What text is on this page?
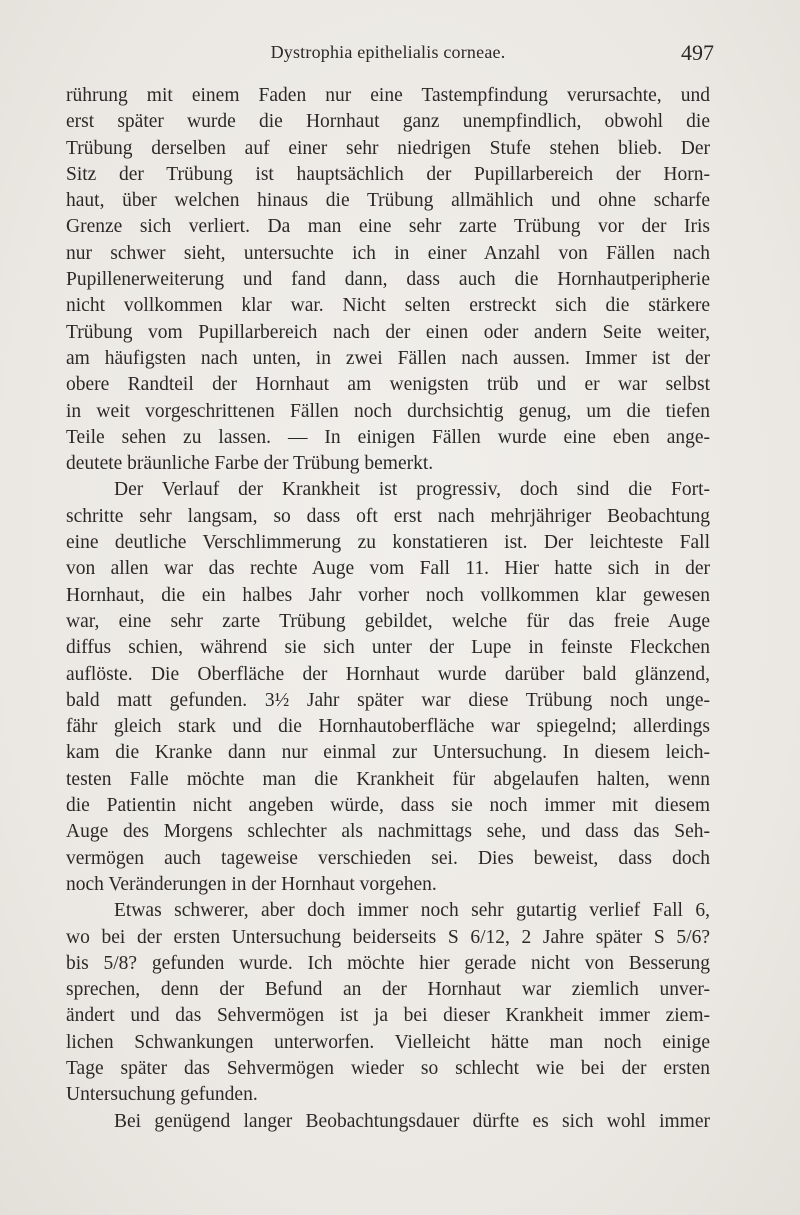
Dystrophia epithelialis corneae.	497
rührung mit einem Faden nur eine Tastempfindung verursachte, und
erst später wurde die Hornhaut ganz unempfindlich, obwohl die
Trübung derselben auf einer sehr niedrigen Stufe stehen blieb. Der
Sitz der Trübung ist hauptsächlich der Pupillarbereich der Horn-
haut, über welchen hinaus die Trübung allmählich und ohne scharfe
Grenze sich verliert. Da man eine sehr zarte Trübung vor der Iris
nur schwer sieht, untersuchte ich in einer Anzahl von Fällen nach
Pupillenerweiterung und fand dann, dass auch die Hornhautperipherie
nicht vollkommen klar war. Nicht selten erstreckt sich die stärkere
Trübung vom Pupillarbereich nach der einen oder andern Seite weiter,
am häufigsten nach unten, in zwei Fällen nach aussen. Immer ist der
obere Randteil der Hornhaut am wenigsten trüb und er war selbst
in weit vorgeschrittenen Fällen noch durchsichtig genug, um die tiefen
Teile sehen zu lassen. — In einigen Fällen wurde eine eben ange-
deutete bräunliche Farbe der Trübung bemerkt.
Der Verlauf der Krankheit ist progressiv, doch sind die Fort-
schritte sehr langsam, so dass oft erst nach mehrjähriger Beobachtung
eine deutliche Verschlimmerung zu konstatieren ist. Der leichteste Fall
von allen war das rechte Auge vom Fall 11. Hier hatte sich in der
Hornhaut, die ein halbes Jahr vorher noch vollkommen klar gewesen
war, eine sehr zarte Trübung gebildet, welche für das freie Auge
diffus schien, während sie sich unter der Lupe in feinste Fleckchen
auflöste. Die Oberfläche der Hornhaut wurde darüber bald glänzend,
bald matt gefunden. 3½ Jahr später war diese Trübung noch unge-
fähr gleich stark und die Hornhautoberfläche war spiegelnd; allerdings
kam die Kranke dann nur einmal zur Untersuchung. In diesem leich-
testen Falle möchte man die Krankheit für abgelaufen halten, wenn
die Patientin nicht angeben würde, dass sie noch immer mit diesem
Auge des Morgens schlechter als nachmittags sehe, und dass das Seh-
vermögen auch tageweise verschieden sei. Dies beweist, dass doch
noch Veränderungen in der Hornhaut vorgehen.
Etwas schwerer, aber doch immer noch sehr gutartig verlief Fall 6,
wo bei der ersten Untersuchung beiderseits S 6/12, 2 Jahre später S 5/6?
bis 5/8? gefunden wurde. Ich möchte hier gerade nicht von Besserung
sprechen, denn der Befund an der Hornhaut war ziemlich unver-
ändert und das Sehvermögen ist ja bei dieser Krankheit immer ziem-
lichen Schwankungen unterworfen. Vielleicht hätte man noch einige
Tage später das Sehvermögen wieder so schlecht wie bei der ersten
Untersuchung gefunden.
Bei genügend langer Beobachtungsdauer dürfte es sich wohl immer
